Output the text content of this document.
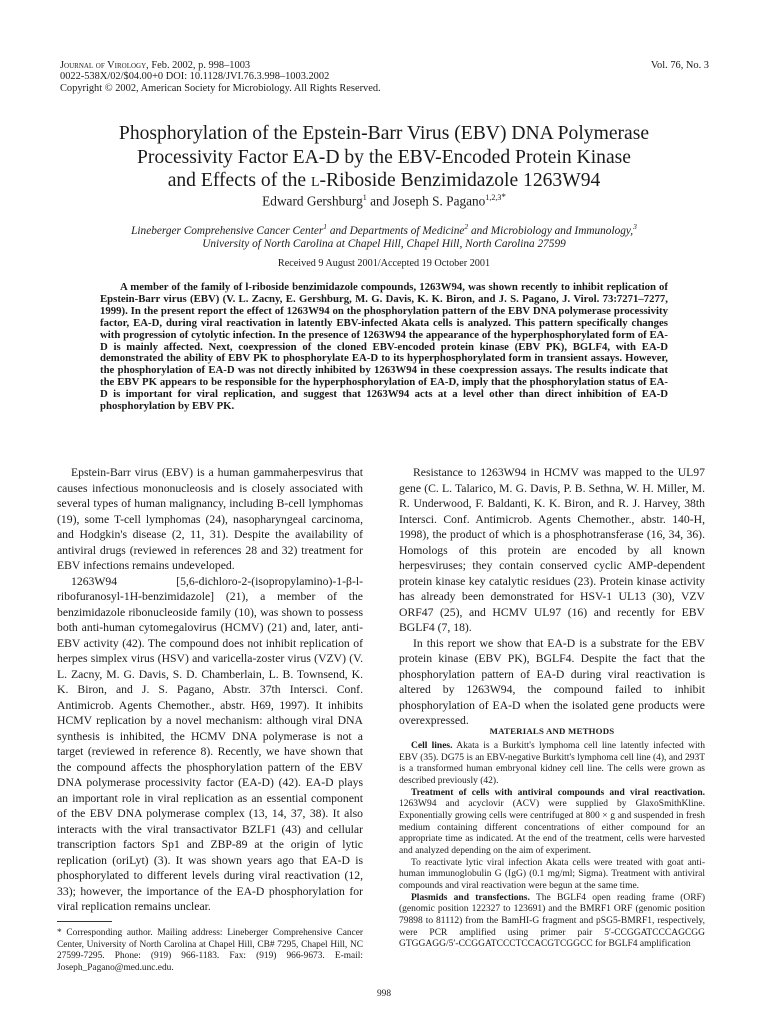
Journal of Virology, Feb. 2002, p. 998–1003
0022-538X/02/$04.00+0 DOI: 10.1128/JVI.76.3.998–1003.2002
Copyright © 2002, American Society for Microbiology. All Rights Reserved.
Vol. 76, No. 3
Phosphorylation of the Epstein-Barr Virus (EBV) DNA Polymerase
Processivity Factor EA-D by the EBV-Encoded Protein Kinase
and Effects of the l-Riboside Benzimidazole 1263W94
Edward Gershburg$^1$ and Joseph S. Pagano$^{1,2,3*}$
Lineberger Comprehensive Cancer Center$^1$ and Departments of Medicine$^2$ and Microbiology and Immunology,$^3$
University of North Carolina at Chapel Hill, Chapel Hill, North Carolina 27599
Received 9 August 2001/Accepted 19 October 2001

A member of the family of l-riboside benzimidazole compounds, 1263W94, was shown recently to inhibit replication of Epstein-Barr virus (EBV) (V. L. Zacny, E. Gershburg, M. G. Davis, K. K. Biron, and J. S. Pagano, J. Virol. 73:7271–7277, 1999). In the present report the effect of 1263W94 on the phosphorylation pattern of the EBV DNA polymerase processivity factor, EA-D, during viral reactivation in latently EBV-infected Akata cells is analyzed. This pattern specifically changes with progression of cytolytic infection. In the presence of 1263W94 the appearance of the hyperphosphorylated form of EA-D is mainly affected. Next, coexpression of the cloned EBV-encoded protein kinase (EBV PK), BGLF4, with EA-D demonstrated the ability of EBV PK to phosphorylate EA-D to its hyperphosphorylated form in transient assays. However, the phosphorylation of EA-D was not directly inhibited by 1263W94 in these coexpression assays. The results indicate that the EBV PK appears to be responsible for the hyperphosphorylation of EA-D, imply that the phosphorylation status of EA-D is important for viral replication, and suggest that 1263W94 acts at a level other than direct inhibition of EA-D phosphorylation by EBV PK.

Epstein-Barr virus (EBV) is a human gammaherpesvirus that causes infectious mononucleosis and is closely associated with several types of human malignancy, including B-cell lymphomas (19), some T-cell lymphomas (24), nasopharyngeal carcinoma, and Hodgkin's disease (2, 11, 31). Despite the availability of antiviral drugs (reviewed in references 28 and 32) treatment for EBV infections remains undeveloped.

1263W94 [5,6-dichloro-2-(isopropylamino)-1-β-l-ribofuranosyl-1H-benzimidazole] (21), a member of the benzimidazole ribonucleoside family (10), was shown to possess both anti-human cytomegalovirus (HCMV) (21) and, later, anti-EBV activity (42). The compound does not inhibit replication of herpes simplex virus (HSV) and varicella-zoster virus (VZV) (V. L. Zacny, M. G. Davis, S. D. Chamberlain, L. B. Townsend, K. K. Biron, and J. S. Pagano, Abstr. 37th Intersci. Conf. Antimicrob. Agents Chemother., abstr. H69, 1997). It inhibits HCMV replication by a novel mechanism: although viral DNA synthesis is inhibited, the HCMV DNA polymerase is not a target (reviewed in reference 8). Recently, we have shown that the compound affects the phosphorylation pattern of the EBV DNA polymerase processivity factor (EA-D) (42). EA-D plays an important role in viral replication as an essential component of the EBV DNA polymerase complex (13, 14, 37, 38). It also interacts with the viral transactivator BZLF1 (43) and cellular transcription factors Sp1 and ZBP-89 at the origin of lytic replication (oriLyt) (3). It was shown years ago that EA-D is phosphorylated to different levels during viral reactivation (12, 33); however, the importance of the EA-D phosphorylation for viral replication remains unclear.

* Corresponding author. Mailing address: Lineberger Comprehensive Cancer Center, University of North Carolina at Chapel Hill, CB# 7295, Chapel Hill, NC 27599-7295. Phone: (919) 966-1183. Fax: (919) 966-9673. E-mail: Joseph_Pagano@med.unc.edu.

Resistance to 1263W94 in HCMV was mapped to the UL97 gene (C. L. Talarico, M. G. Davis, P. B. Sethna, W. H. Miller, M. R. Underwood, F. Baldanti, K. K. Biron, and R. J. Harvey, 38th Intersci. Conf. Antimicrob. Agents Chemother., abstr. 140-H, 1998), the product of which is a phosphotransferase (16, 34, 36). Homologs of this protein are encoded by all known herpesviruses; they contain conserved cyclic AMP-dependent protein kinase key catalytic residues (23). Protein kinase activity has already been demonstrated for HSV-1 UL13 (30), VZV ORF47 (25), and HCMV UL97 (16) and recently for EBV BGLF4 (7, 18).

In this report we show that EA-D is a substrate for the EBV protein kinase (EBV PK), BGLF4. Despite the fact that the phosphorylation pattern of EA-D during viral reactivation is altered by 1263W94, the compound failed to inhibit phosphorylation of EA-D when the isolated gene products were overexpressed.

MATERIALS AND METHODS

Cell lines. Akata is a Burkitt's lymphoma cell line latently infected with EBV (35). DG75 is an EBV-negative Burkitt's lymphoma cell line (4), and 293T is a transformed human embryonal kidney cell line. The cells were grown as described previously (42).

Treatment of cells with antiviral compounds and viral reactivation. 1263W94 and acyclovir (ACV) were supplied by GlaxoSmithKline. Exponentially growing cells were centrifuged at 800 × g and suspended in fresh medium containing different concentrations of either compound for an appropriate time as indicated. At the end of the treatment, cells were harvested and analyzed depending on the aim of experiment.

To reactivate lytic viral infection Akata cells were treated with goat anti-human immunoglobulin G (IgG) (0.1 mg/ml; Sigma). Treatment with antiviral compounds and viral reactivation were begun at the same time.

Plasmids and transfections. The BGLF4 open reading frame (ORF) (genomic position 122327 to 123691) and the BMRF1 ORF (genomic position 79898 to 81112) from the BamHI-G fragment and pSG5-BMRF1, respectively, were PCR amplified using primer pair 5′-CCGGATCCCAGCGG GTGGAGG/5′-CCGGATCCCTCCACGTCGGCC for BGLF4 amplification

998
